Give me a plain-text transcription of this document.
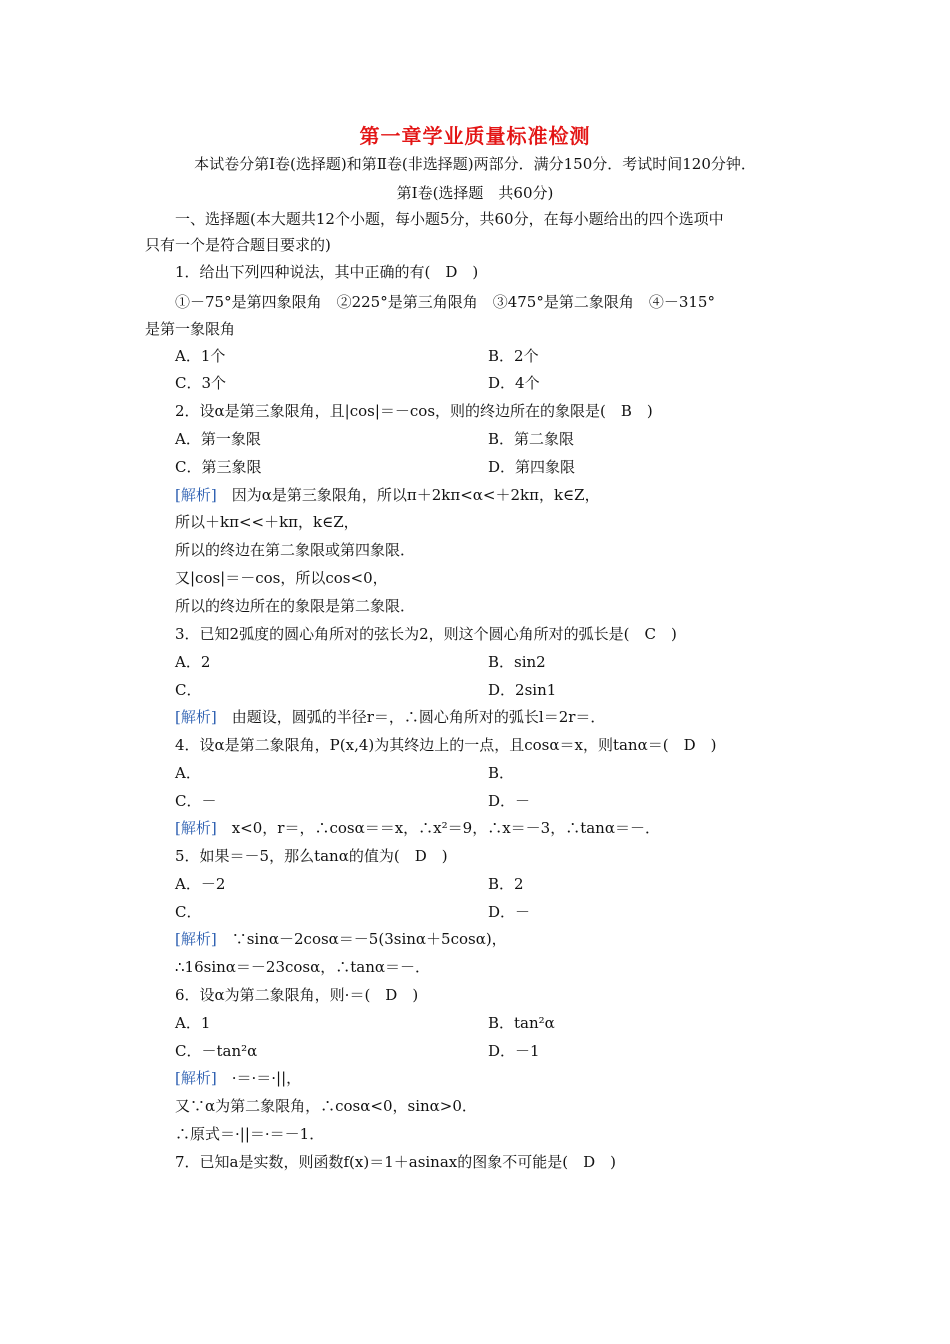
第一章学业质量标准检测
本试卷分第Ⅰ卷(选择题)和第Ⅱ卷(非选择题)两部分．满分150分．考试时间120分钟．
第Ⅰ卷(选择题　共60分)
一、选择题(本大题共12个小题，每小题5分，共60分，在每小题给出的四个选项中
只有一个是符合题目要求的)
1．给出下列四种说法，其中正确的有(　D　)
①－75°是第四象限角　②225°是第三角限角　③475°是第二象限角　④－315°
是第一象限角
A．1个	B．2个
C．3个	D．4个
2．设α是第三象限角，且|cos|＝－cos，则的终边所在的象限是(　B　)
A．第一象限	B．第二象限
C．第三象限	D．第四象限
[解析]　因为α是第三象限角，所以π＋2kπ<α<＋2kπ，k∈Z，
所以＋kπ<<＋kπ，k∈Z，
所以的终边在第二象限或第四象限．
又|cos|＝－cos，所以cos<0，
所以的终边所在的象限是第二象限．
3．已知2弧度的圆心角所对的弦长为2，则这个圆心角所对的弧长是(　C　)
A．2	B．sin2
C．	D．2sin1
[解析]　由题设，圆弧的半径r＝，∴圆心角所对的弧长l＝2r＝．
4．设α是第二象限角，P(x,4)为其终边上的一点，且cosα＝x，则tanα＝(　D　)
A．	B．
C．－	D．－
[解析]　x<0，r＝，∴cosα＝＝x，∴x²＝9，∴x＝－3，∴tanα＝－．
5．如果＝－5，那么tanα的值为(　D　)
A．－2	B．2
C．	D．－
[解析]　∵sinα－2cosα＝－5(3sinα＋5cosα)，
∴16sinα＝－23cosα，∴tanα＝－．
6．设α为第二象限角，则·＝(　D　)
A．1	B．tan²α
C．－tan²α	D．－1
[解析]　·＝·＝·||，
又∵α为第二象限角，∴cosα<0，sinα>0．
∴原式＝·||＝·＝－1．
7．已知a是实数，则函数f(x)＝1＋asinax的图象不可能是(　D　)
